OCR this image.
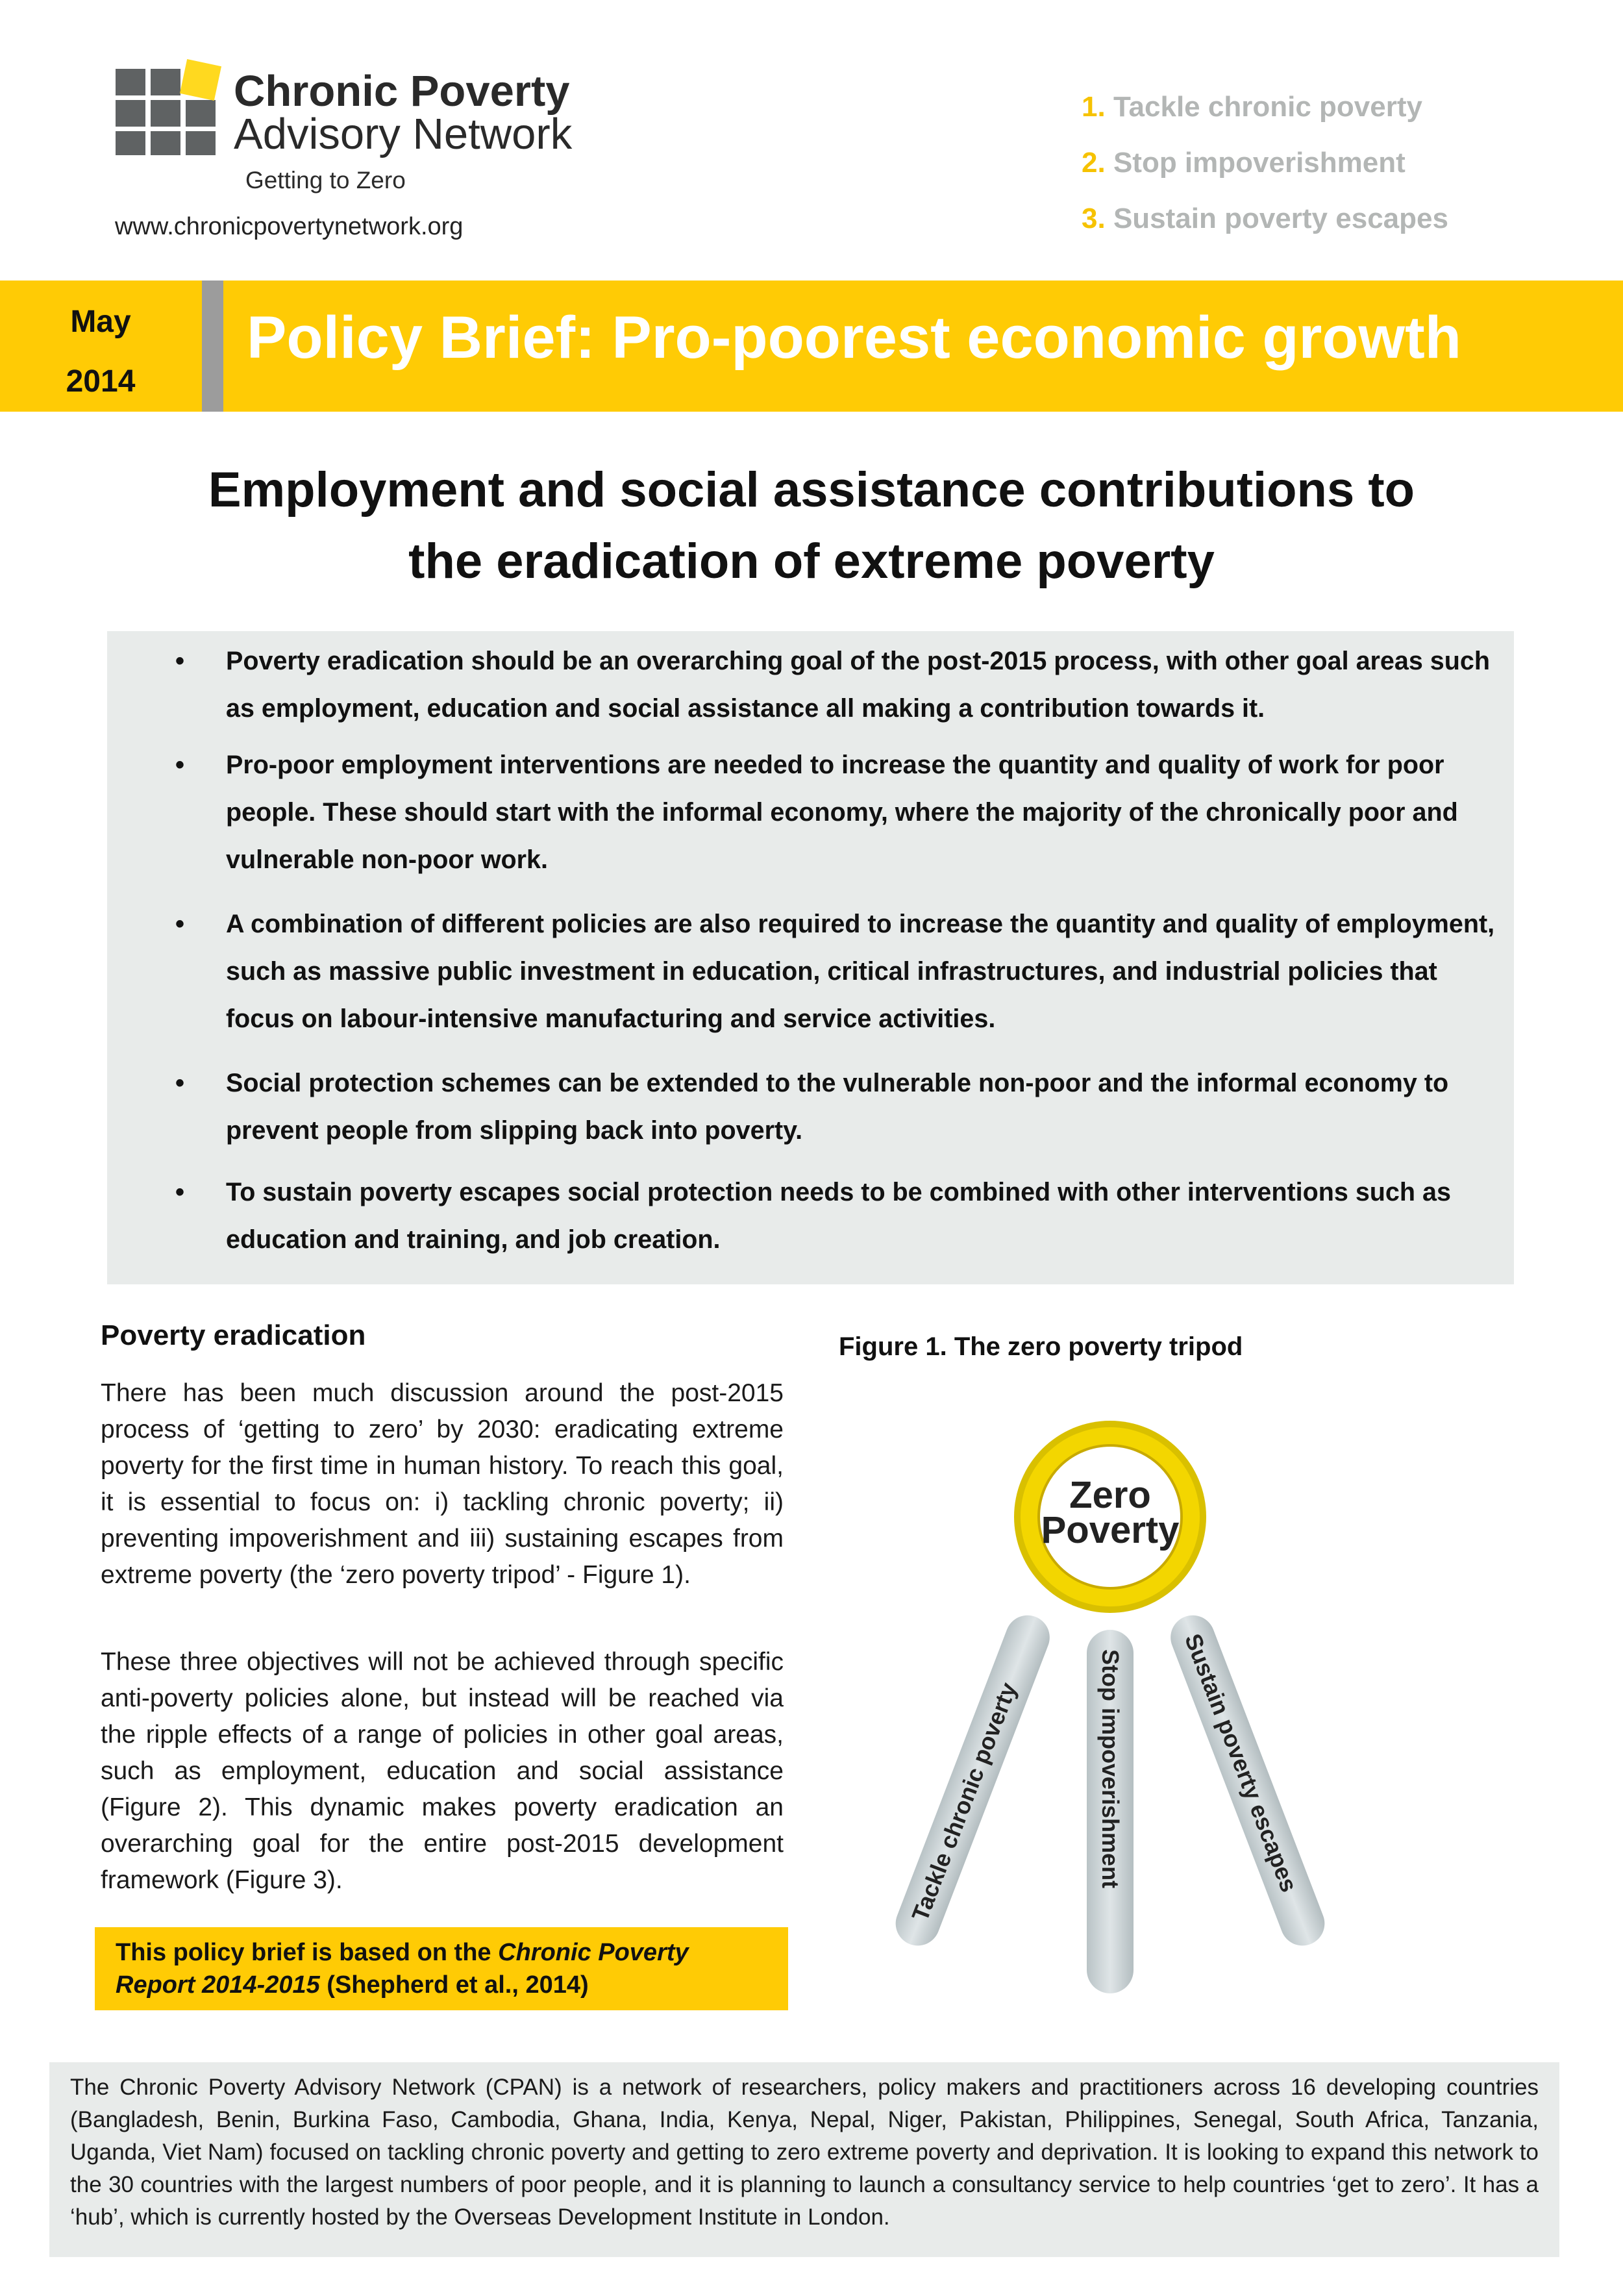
Chronic Poverty
Advisory Network
Getting to Zero
www.chronicpovertynetwork.org
1. Tackle chronic poverty
2. Stop impoverishment
3. Sustain poverty escapes
May
2014
Policy Brief: Pro-poorest economic growth
Employment and social assistance contributions to
the eradication of extreme poverty
• Poverty eradication should be an overarching goal of the post-2015 process, with other goal areas such as employment, education and social assistance all making a contribution towards it.
• Pro-poor employment interventions are needed to increase the quantity and quality of work for poor people. These should start with the informal economy, where the majority of the chronically poor and vulnerable non-poor work.
• A combination of different policies are also required to increase the quantity and quality of employment, such as massive public investment in education, critical infrastructures, and industrial policies that focus on labour-intensive manufacturing and service activities.
• Social protection schemes can be extended to the vulnerable non-poor and the informal economy to prevent people from slipping back into poverty.
• To sustain poverty escapes social protection needs to be combined with other interventions such as education and training, and job creation.
Poverty eradication
There has been much discussion around the post-2015 process of ‘getting to zero’ by 2030: eradicating extreme poverty for the first time in human history. To reach this goal, it is essential to focus on: i) tackling chronic poverty; ii) preventing impoverishment and iii) sustaining escapes from extreme poverty (the ‘zero poverty tripod’ - Figure 1).
These three objectives will not be achieved through specific anti-poverty policies alone, but instead will be reached via the ripple effects of a range of policies in other goal areas, such as employment, education and social assistance (Figure 2). This dynamic makes poverty eradication an overarching goal for the entire post-2015 development framework (Figure 3).
This policy brief is based on the Chronic Poverty Report 2014-2015 (Shepherd et al., 2014)
Figure 1. The zero poverty tripod
Tackle chronic poverty	Sustain poverty escapes
Stop impoverishment
Zero
Poverty
The Chronic Poverty Advisory Network (CPAN) is a network of researchers, policy makers and practitioners across 16 developing countries (Bangladesh, Benin, Burkina Faso, Cambodia, Ghana, India, Kenya, Nepal, Niger, Pakistan, Philippines, Senegal, South Africa, Tanzania, Uganda, Viet Nam) focused on tackling chronic poverty and getting to zero extreme poverty and deprivation. It is looking to expand this network to the 30 countries with the largest numbers of poor people, and it is planning to launch a consultancy service to help countries ‘get to zero’. It has a ‘hub’, which is currently hosted by the Overseas Development Institute in London.
